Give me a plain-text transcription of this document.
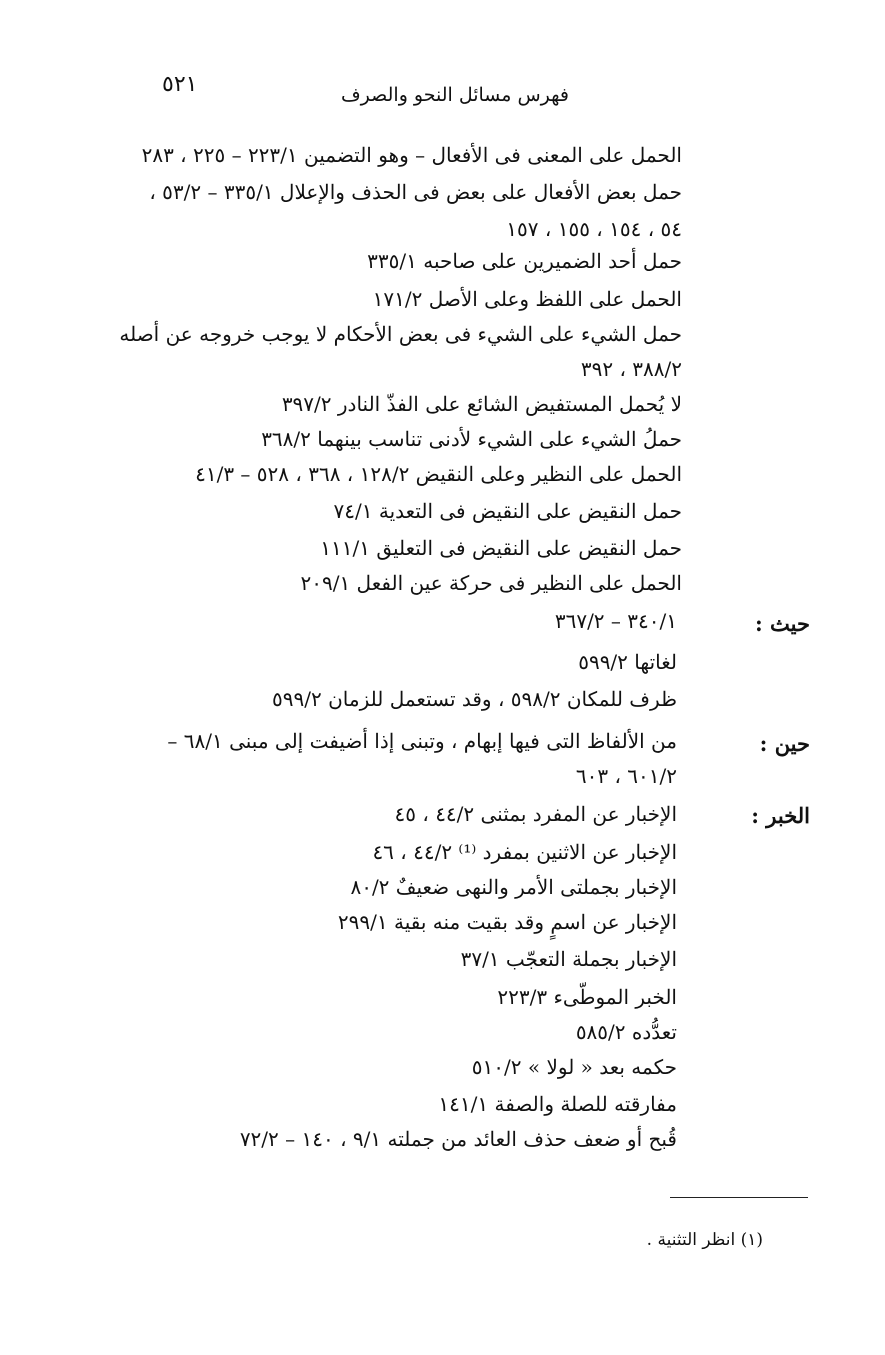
٥٢١	فهرس مسائل النحو والصرف
الحمل على المعنى فى الأفعال – وهو التضمين ٢٢٣/١ – ٢٢٥ ، ٢٨٣
حمل بعض الأفعال على بعض فى الحذف والإعلال ٣٣٥/١ – ٥٣/٢ ،
٥٤ ، ١٥٤ ، ١٥٥ ، ١٥٧
حمل أحد الضميرين على صاحبه ٣٣٥/١
الحمل على اللفظ وعلى الأصل ١٧١/٢
حمل الشيء على الشيء فى بعض الأحكام لا يوجب خروجه عن أصله
٣٨٨/٢ ، ٣٩٢
لا يُحمل المستفيض الشائع على الفذّ النادر ٣٩٧/٢
حملُ الشيء على الشيء لأدنى تناسب بينهما ٣٦٨/٢
الحمل على النظير وعلى النقيض ١٢٨/٢ ، ٣٦٨ ، ٥٢٨ – ٤١/٣
حمل النقيض على النقيض فى التعدية ٧٤/١
حمل النقيض على النقيض فى التعليق ١١١/١
الحمل على النظير فى حركة عين الفعل ٢٠٩/١
حيث :
٣٤٠/١ – ٣٦٧/٢
لغاتها ٥٩٩/٢
ظرف للمكان ٥٩٨/٢ ، وقد تستعمل للزمان ٥٩٩/٢
حين :
من الألفاظ التى فيها إبهام ، وتبنى إذا أضيفت إلى مبنى ٦٨/١ –
٦٠١/٢ ، ٦٠٣
الخبر :
الإخبار عن المفرد بمثنى ٤٤/٢ ، ٤٥
الإخبار عن الاثنين بمفرد ⁽¹⁾ ٤٤/٢ ، ٤٦
الإخبار بجملتى الأمر والنهى ضعيفٌ ٨٠/٢
الإخبار عن اسمٍ وقد بقيت منه بقية ٢٩٩/١
الإخبار بجملة التعجّب ٣٧/١
الخبر الموطّىء ٢٢٣/٣
تعدُّده ٥٨٥/٢
حكمه بعد « لولا » ٥١٠/٢
مفارقته للصلة والصفة ١٤١/١
قُبح أو ضعف حذف العائد من جملته ٩/١ ، ١٤٠ – ٧٢/٢
(١) انظر التثنية .
